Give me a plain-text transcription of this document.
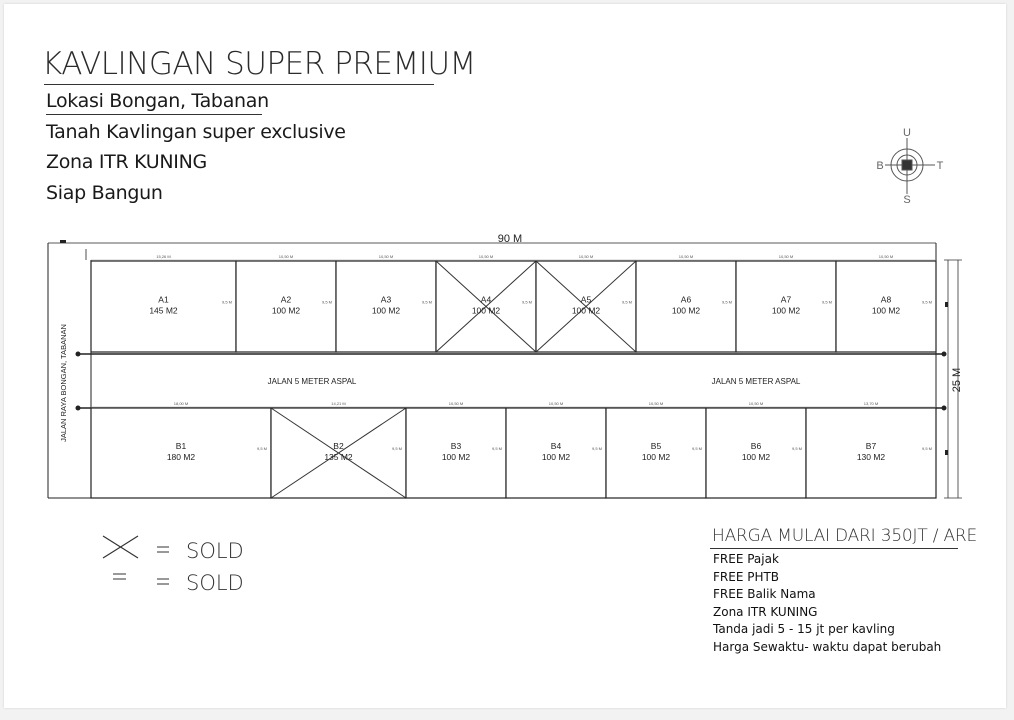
KAVLINGAN SUPER PREMIUM
Lokasi Bongan, Tabanan
Tanah Kavlingan super exclusive
Zona ITR KUNING
Siap Bangun
U
S
B	T
90 M
25 M
JALAN RAYA BONGAN, TABANAN	JALAN 5 METER ASPAL	JALAN 5 METER ASPAL
A1
145 M2
15,26 M
9,5 M	A2
100 M2
10,50 M
9,5 M	A3
100 M2
10,50 M
9,5 M	A4
100 M2
10,50 M
9,5 M	A5
100 M2
10,50 M
9,5 M	A6
100 M2
10,50 M
9,5 M	A7
100 M2
10,50 M
9,5 M	A8
100 M2
10,50 M
9,5 M
B1
180 M2
18,00 M
9,5 M	B2
135 M2
14,21 M
9,5 M	B3
100 M2
10,50 M
9,5 M	B4
100 M2
10,50 M
9,5 M	B5
100 M2
10,50 M
9,5 M	B6
100 M2
10,50 M
9,5 M	B7
130 M2
13,70 M
9,5 M
SOLD
SOLD
HARGA MULAI DARI 350JT / ARE
FREE Pajak
FREE PHTB
FREE Balik Nama
Zona ITR KUNING
Tanda jadi 5 - 15 jt per kavling
Harga Sewaktu- waktu dapat berubah
